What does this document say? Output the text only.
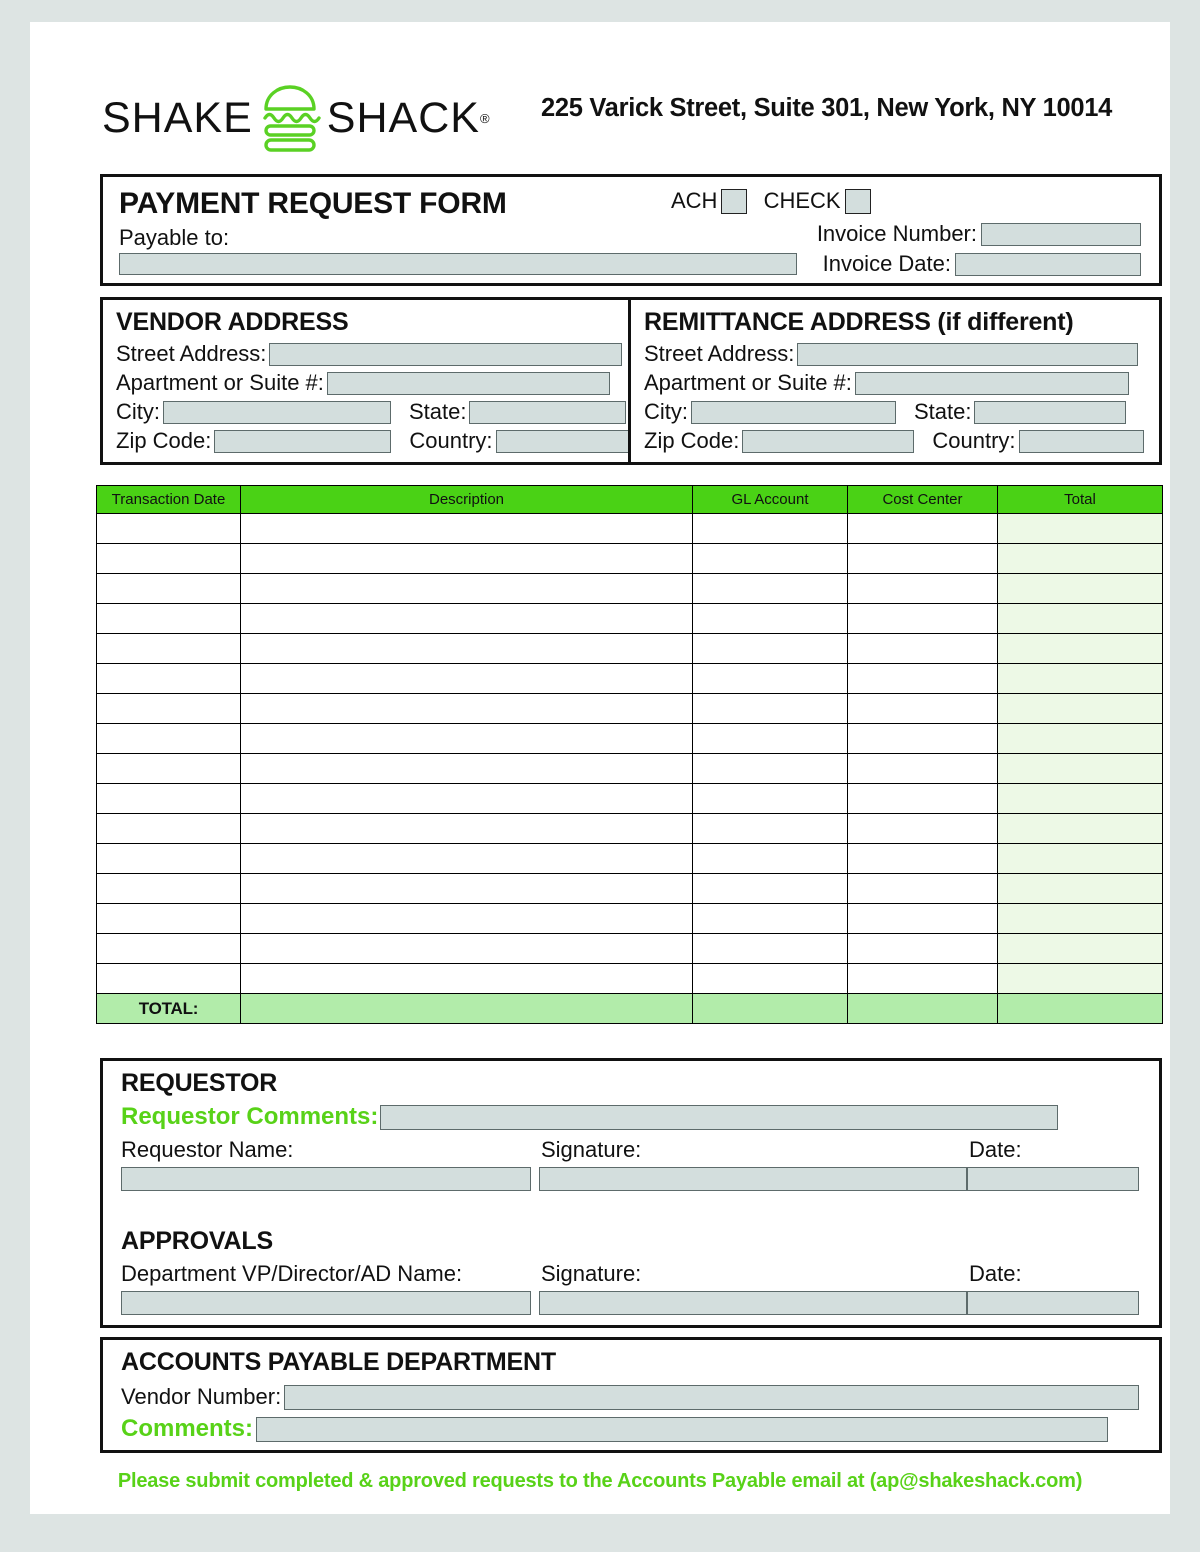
SHAKE SHACK ® 225 Varick Street, Suite 301, New York, NY 10014
PAYMENT REQUEST FORM	ACH CHECK
Payable to:	Invoice Number:
Invoice Date:
VENDOR ADDRESS
Street Address:
Apartment or Suite #:
City:	State:
Zip Code:	Country:
REMITTANCE ADDRESS (if different)
Street Address:
Apartment or Suite #:
City:	State:
Zip Code:	Country:
Transaction Date	Description	GL Account	Cost Center	Total

TOTAL:				
REQUESTOR
Requestor Comments:
Requestor Name:	Signature:	Date:
APPROVALS
Department VP/Director/AD Name:	Signature:	Date:
ACCOUNTS PAYABLE DEPARTMENT
Vendor Number:
Comments:
Please submit completed & approved requests to the Accounts Payable email at (ap@shakeshack.com)
